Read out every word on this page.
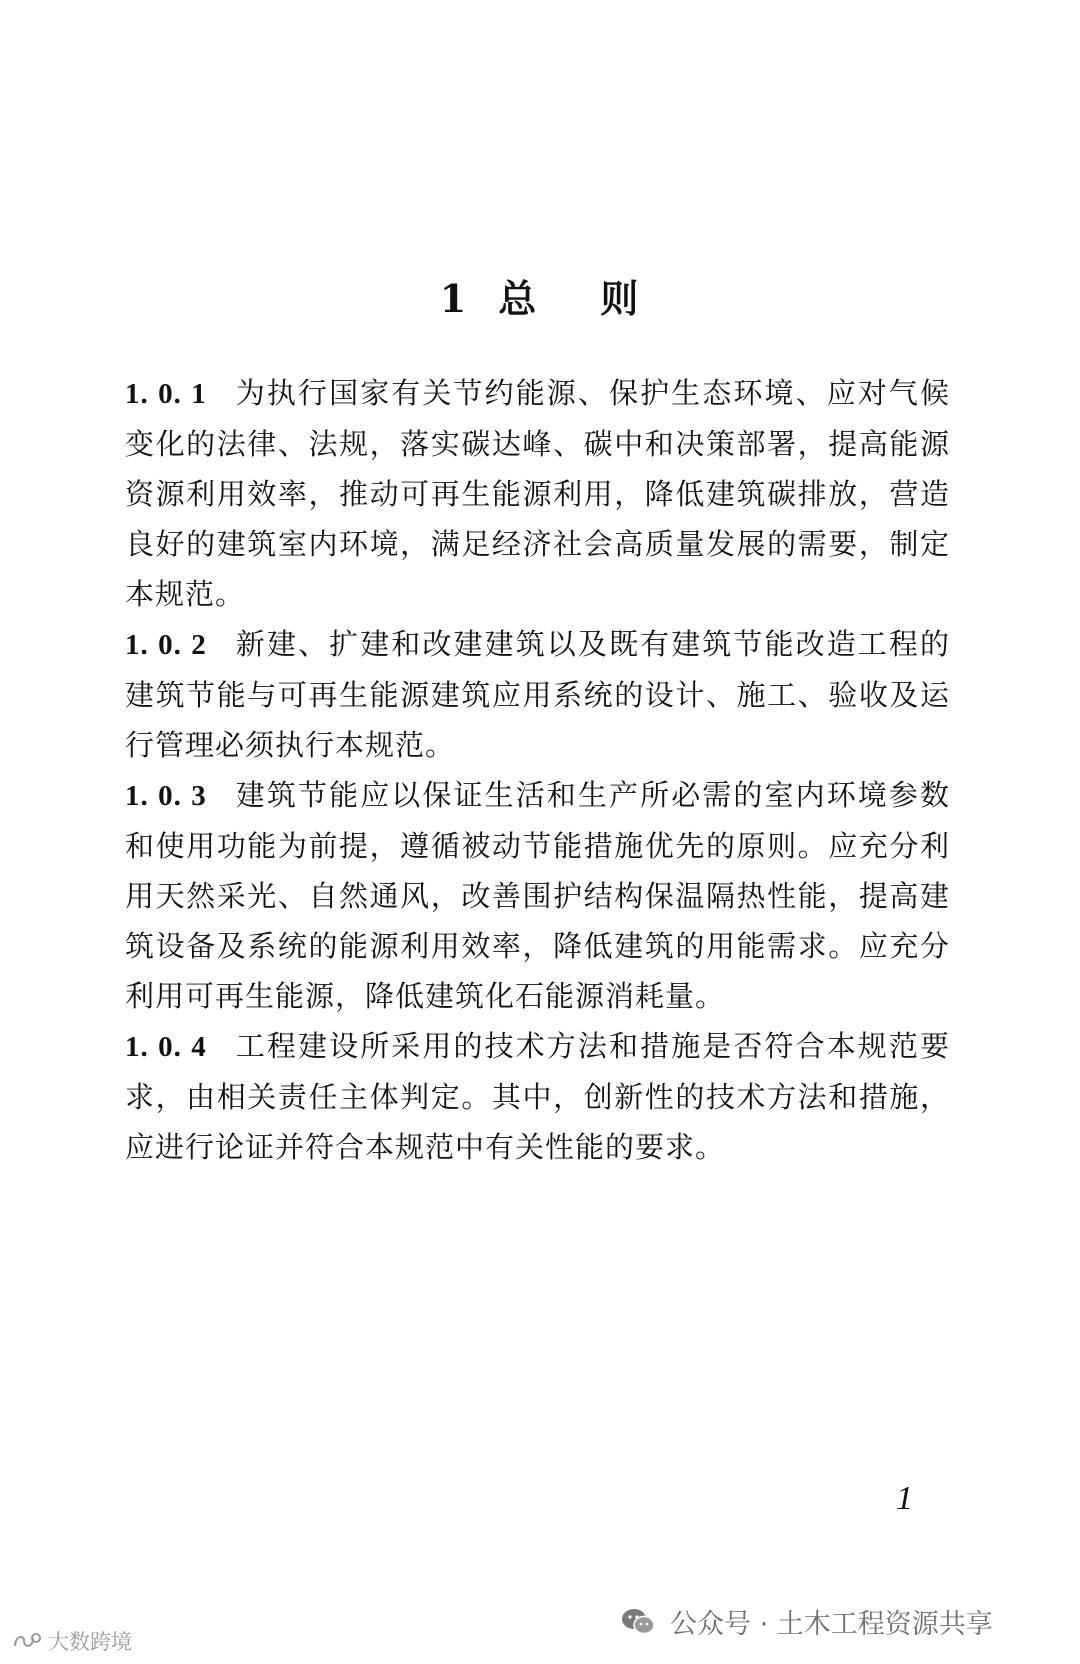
1 总 则

1. 0. 1 为执行国家有关节约能源、保护生态环境、应对气候变化的法律、法规，落实碳达峰、碳中和决策部署，提高能源资源利用效率，推动可再生能源利用，降低建筑碳排放，营造良好的建筑室内环境，满足经济社会高质量发展的需要，制定本规范。

1. 0. 2 新建、扩建和改建建筑以及既有建筑节能改造工程的建筑节能与可再生能源建筑应用系统的设计、施工、验收及运行管理必须执行本规范。

1. 0. 3 建筑节能应以保证生活和生产所必需的室内环境参数和使用功能为前提，遵循被动节能措施优先的原则。应充分利用天然采光、自然通风，改善围护结构保温隔热性能，提高建筑设备及系统的能源利用效率，降低建筑的用能需求。应充分利用可再生能源，降低建筑化石能源消耗量。

1. 0. 4 工程建设所采用的技术方法和措施是否符合本规范要求，由相关责任主体判定。其中，创新性的技术方法和措施，应进行论证并符合本规范中有关性能的要求。

1
公众号 · 土木工程资源共享
大数跨境
